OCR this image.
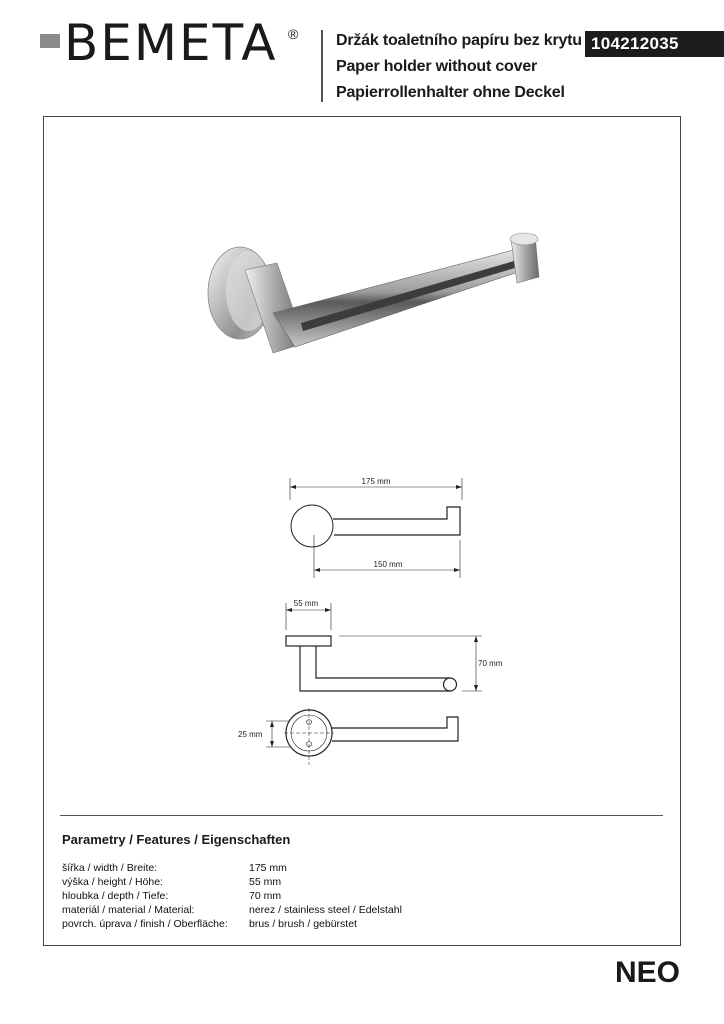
BEMETA ® Držák toaletního papíru bez krytu
Paper holder without cover
Papierrollenhalter ohne Deckel
104212035
175 mm
150 mm
55 mm
70 mm
25 mm
Parametry / Features / Eigenschaften
šířka / width / Breite:	175 mm
výška / height / Höhe:	55 mm
hloubka / depth / Tiefe:	70 mm
materiál / material / Material:	nerez / stainless steel / Edelstahl
povrch. úprava / finish / Oberfläche: brus / brush / gebürstet
NEO
